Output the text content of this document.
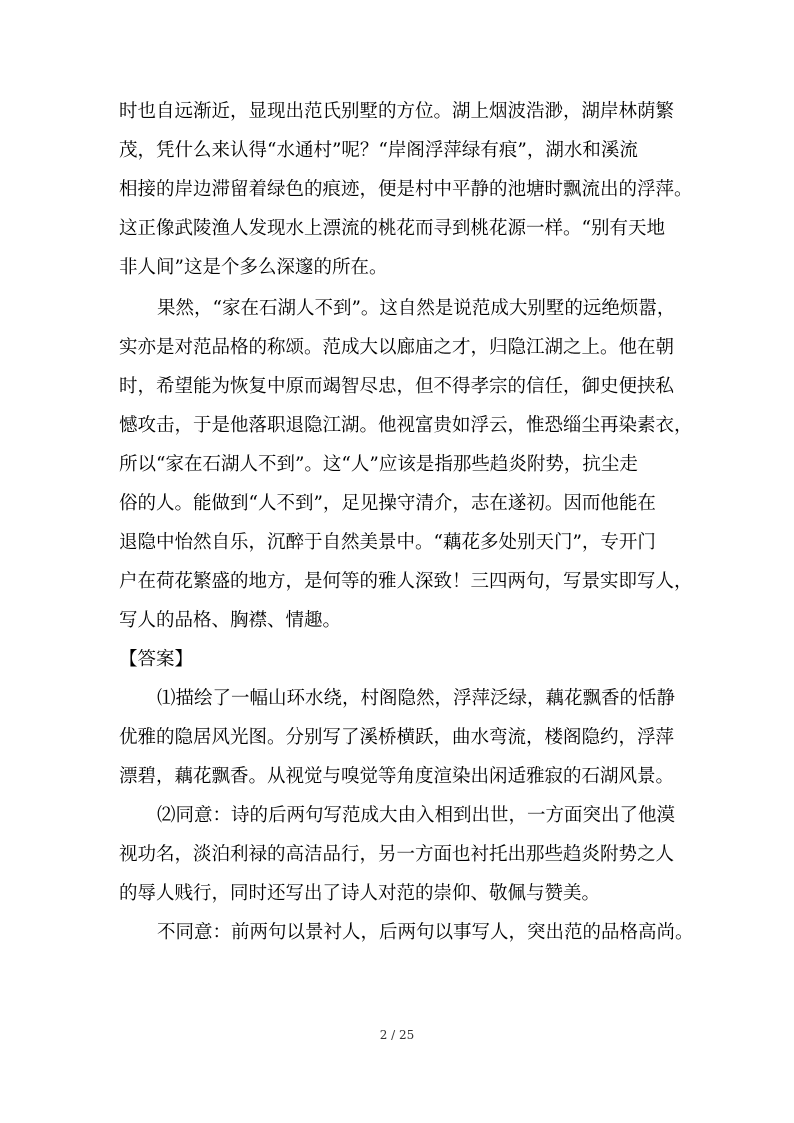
时也自远渐近，显现出范氏别墅的方位。湖上烟波浩渺，湖岸林荫繁
茂，凭什么来认得“水通村”呢？“岸阁浮萍绿有痕”，湖水和溪流
相接的岸边滞留着绿色的痕迹，便是村中平静的池塘时飘流出的浮萍。
这正像武陵渔人发现水上漂流的桃花而寻到桃花源一样。“别有天地
非人间”这是个多么深邃的所在。
果然，“家在石湖人不到”。这自然是说范成大别墅的远绝烦嚣，
实亦是对范品格的称颂。范成大以廊庙之才，归隐江湖之上。他在朝
时，希望能为恢复中原而竭智尽忠，但不得孝宗的信任，御史便挟私
憾攻击，于是他落职退隐江湖。他视富贵如浮云，惟恐缁尘再染素衣，
所以“家在石湖人不到”。这“人”应该是指那些趋炎附势，抗尘走
俗的人。能做到“人不到”，足见操守清介，志在遂初。因而他能在
退隐中怡然自乐，沉醉于自然美景中。“藕花多处别天门”，专开门
户在荷花繁盛的地方，是何等的雅人深致！三四两句，写景实即写人，
写人的品格、胸襟、情趣。
【答案】
⑴描绘了一幅山环水绕，村阁隐然，浮萍泛绿，藕花飘香的恬静
优雅的隐居风光图。分别写了溪桥横跃，曲水弯流，楼阁隐约，浮萍
漂碧，藕花飘香。从视觉与嗅觉等角度渲染出闲适雅寂的石湖风景。
⑵同意：诗的后两句写范成大由入相到出世，一方面突出了他漠
视功名，淡泊利禄的高洁品行，另一方面也衬托出那些趋炎附势之人
的辱人贱行，同时还写出了诗人对范的崇仰、敬佩与赞美。
不同意：前两句以景衬人，后两句以事写人，突出范的品格高尚。
2 / 25
